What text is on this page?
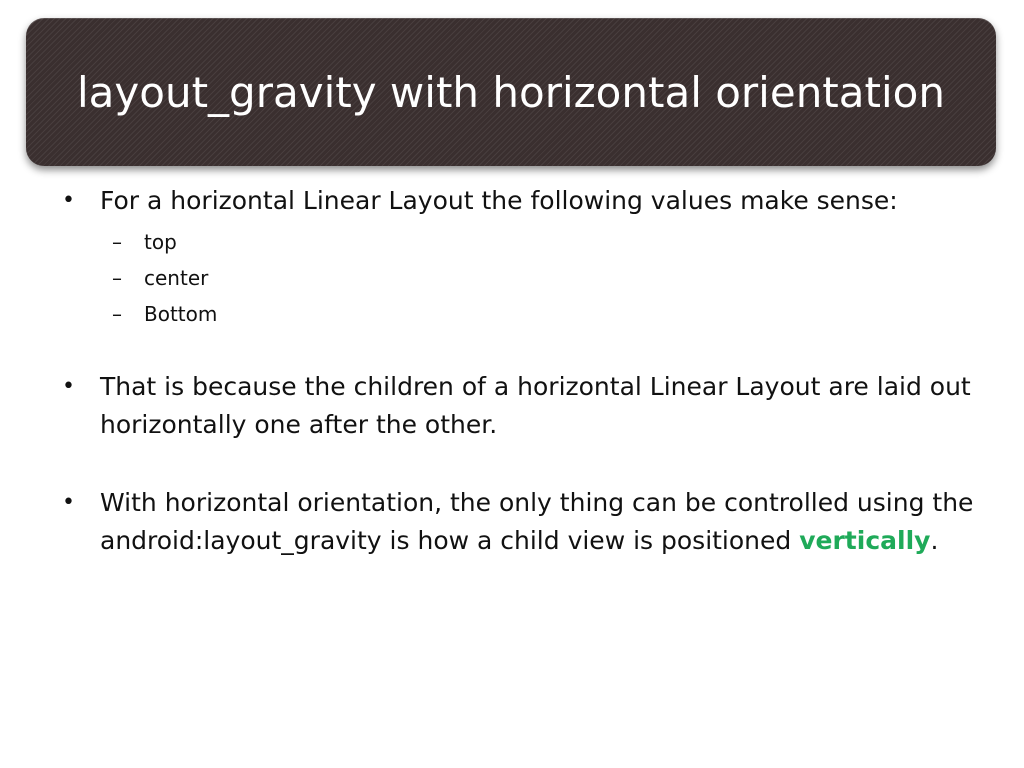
layout_gravity with horizontal orientation
• For a horizontal Linear Layout the following values make sense:
– top
– center
– Bottom
• That is because the children of a horizontal Linear Layout are laid out horizontally one after the other.
• With horizontal orientation, the only thing can be controlled using the android:layout_gravity is how a child view is positioned vertically.
